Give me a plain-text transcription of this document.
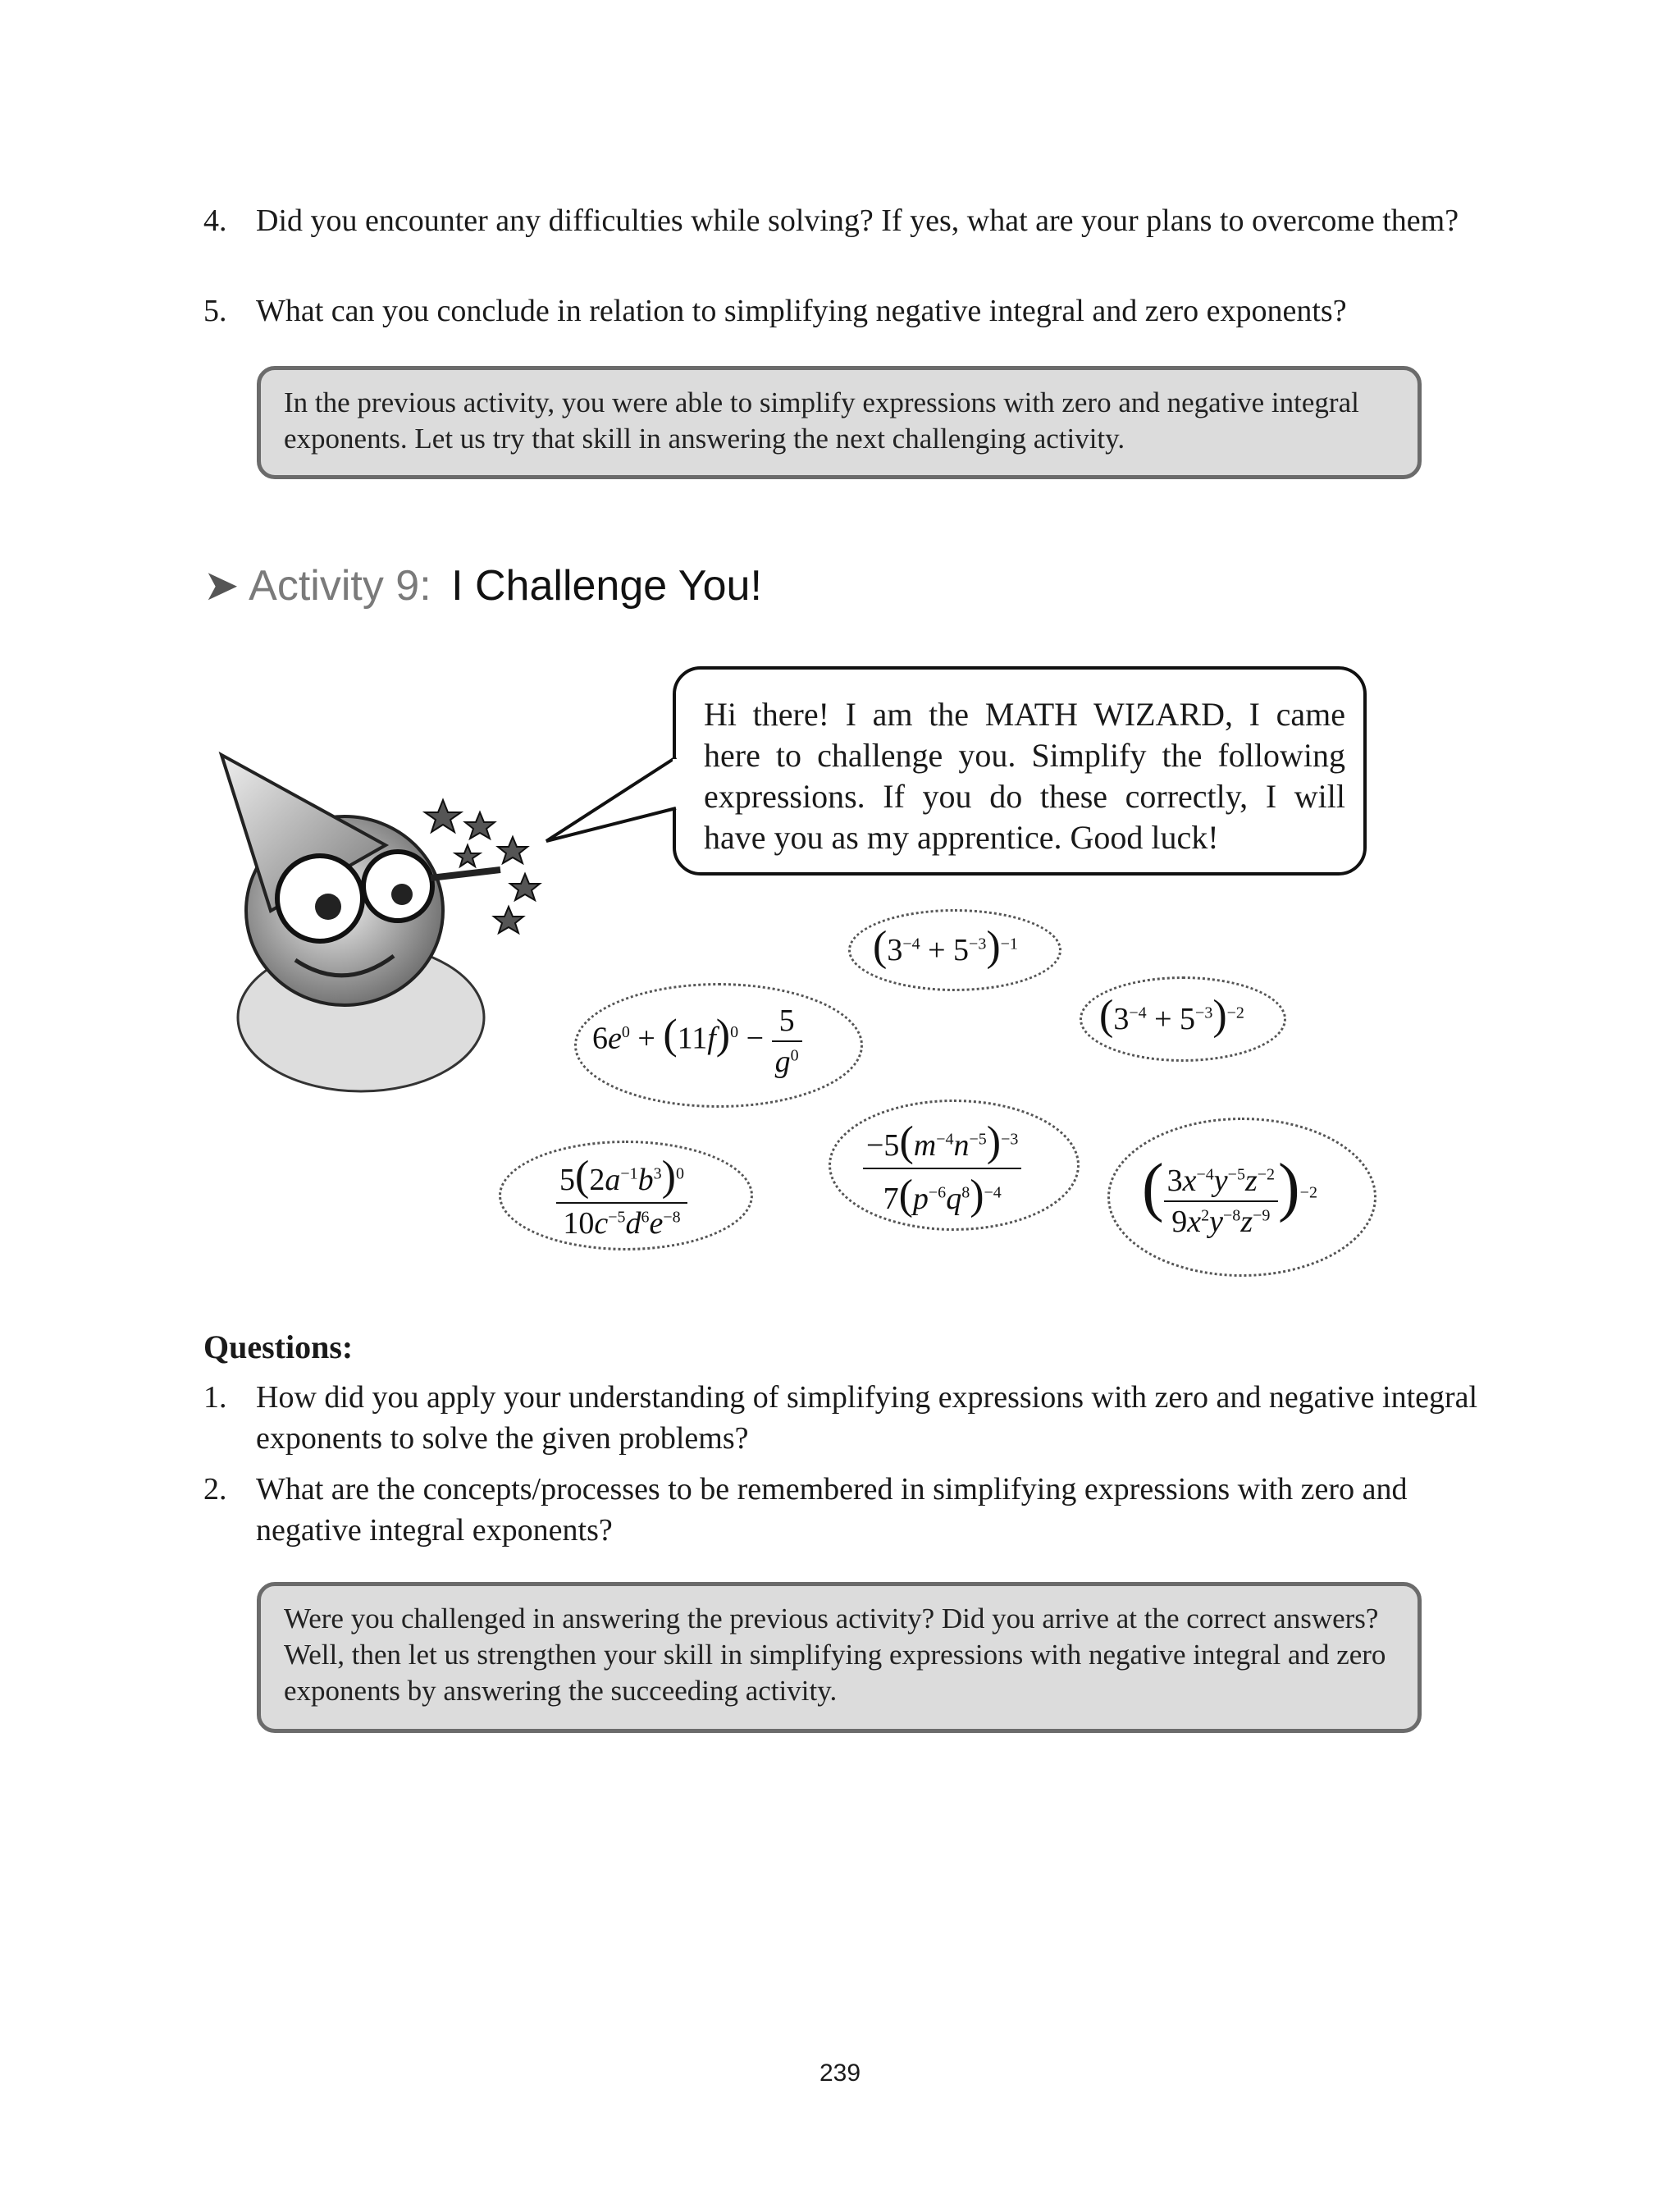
4. Did you encounter any difficulties while solving? If yes, what are your plans to overcome them?
5. What can you conclude in relation to simplifying negative integral and zero exponents?
In the previous activity, you were able to simplify expressions with zero and negative integral exponents. Let us try that skill in answering the next challenging activity.
➤ Activity 9: I Challenge You!
Hi there! I am the MATH WIZARD, I came here to challenge you. Simplify the following expressions. If you do these correctly, I will have you as my apprentice. Good luck!
$(3^{-4} + 5^{-3})^{-1}$
$(3^{-4} + 5^{-3})^{-2}$
$6e^0 + (11f)^0 - \frac{5}{g^0}$
$\frac{5(2a^{-1}b^3)^0}{10c^{-5}d^6e^{-8}}$	$\frac{-5(m^{-4}n^{-5})^{-3}}{7(p^{-6}q^8)^{-4}}$ ( $\frac{3x^{-4}y^{-5}z^{-2}}{9x^2y^{-8}z^{-9}} )^{-2}$
Questions:
1. How did you apply your understanding of simplifying expressions with zero and negative integral exponents to solve the given problems?
2. What are the concepts/processes to be remembered in simplifying expressions with zero and negative integral exponents?
Were you challenged in answering the previous activity? Did you arrive at the correct answers? Well, then let us strengthen your skill in simplifying expressions with negative integral and zero exponents by answering the succeeding activity.
239
